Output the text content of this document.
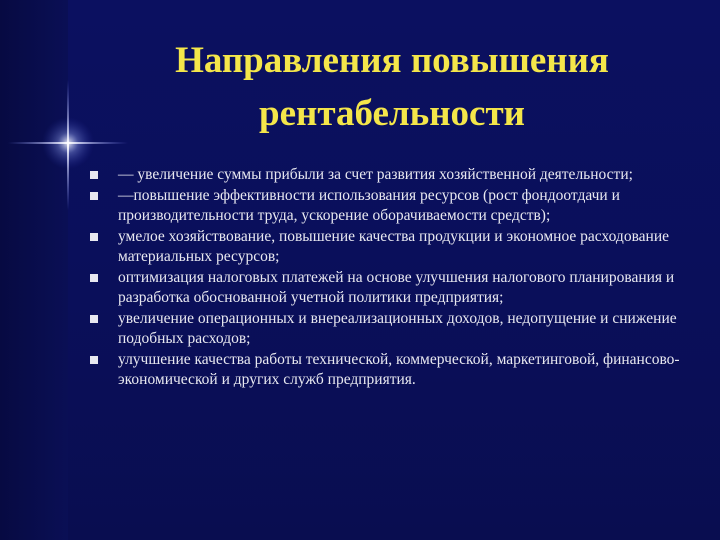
Направления повышения
рентабельности
— увеличение суммы прибыли за счет развития хозяйственной деятельности;
—повышение эффективности использования ресурсов (рост фондоотдачи и производительности труда, ускорение оборачиваемости средств);
умелое хозяйствование, повышение качества продукции и экономное расходование материальных ресурсов;
оптимизация налоговых платежей на основе улучшения налогового планирования и разработка обоснованной учетной политики предприятия;
увеличение операционных и внереализационных доходов, недопущение и снижение подобных расходов;
улучшение качества работы технической, коммерческой, маркетинговой, финансово-экономической и других служб предприятия.
